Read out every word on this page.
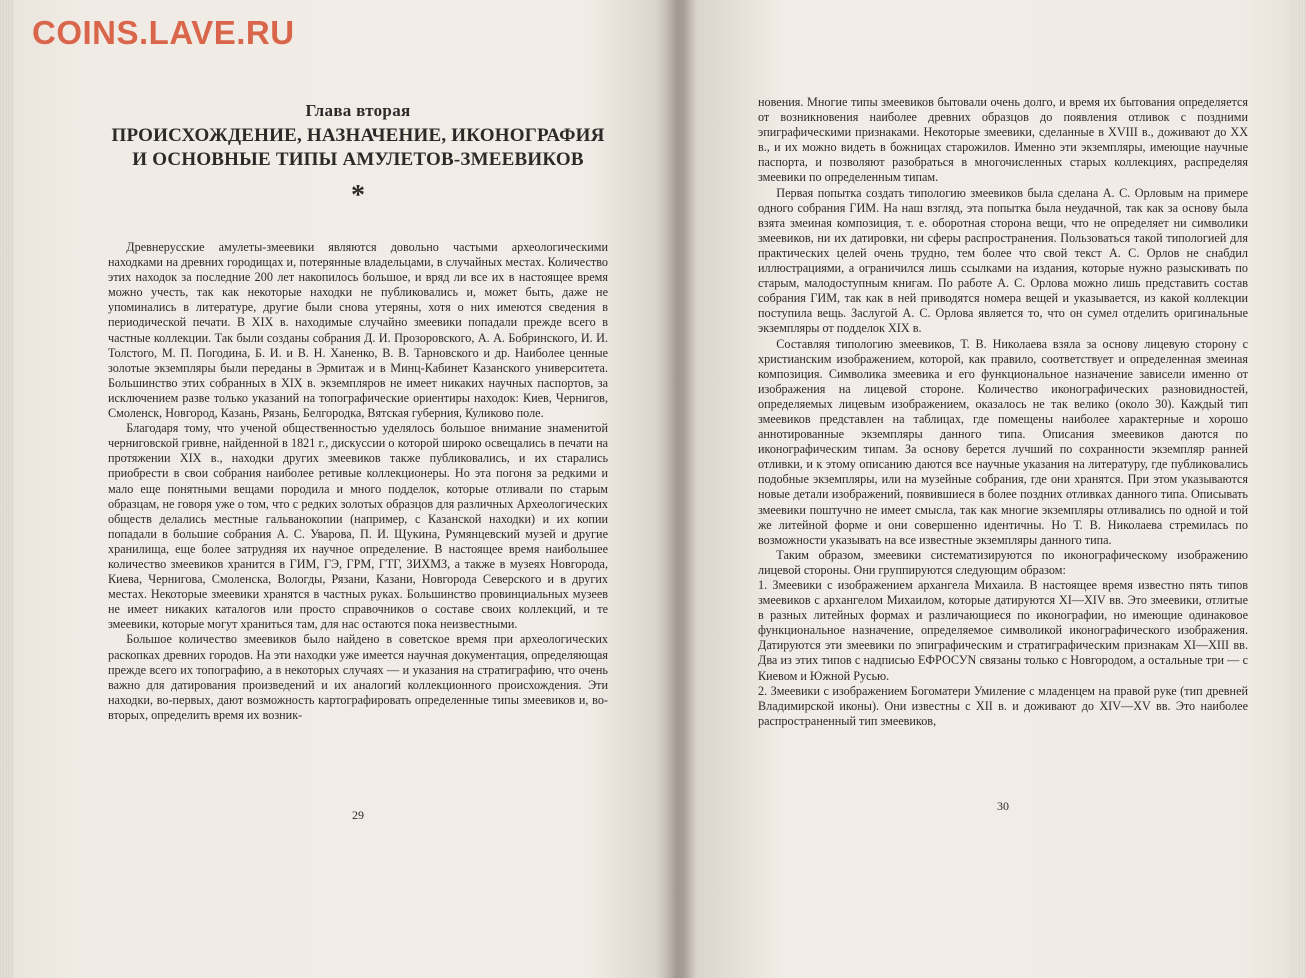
COINS.LAVE.RU
Глава вторая
ПРОИСХОЖДЕНИЕ, НАЗНАЧЕНИЕ, ИКОНОГРАФИЯ
И ОСНОВНЫЕ ТИПЫ АМУЛЕТОВ-ЗМЕЕВИКОВ
*

Древнерусские амулеты-змеевики являются довольно частыми археологическими находками на древних городищах и, потерянные владельцами, в случайных местах. Количество этих находок за последние 200 лет накопилось большое, и вряд ли все их в настоящее время можно учесть, так как некоторые находки не публиковались и, может быть, даже не упоминались в литературе, другие были снова утеряны, хотя о них имеются сведения в периодической печати. В XIX в. находимые случайно змеевики попадали прежде всего в частные коллекции. Так были созданы собрания Д. И. Прозоровского, А. А. Бобринского, И. И. Толстого, М. П. Погодина, Б. И. и В. Н. Ханенко, В. В. Тарновского и др. Наиболее ценные золотые экземпляры были переданы в Эрмитаж и в Минц-Кабинет Казанского университета. Большинство этих собранных в XIX в. экземпляров не имеет никаких научных паспортов, за исключением разве только указаний на топографические ориентиры находок: Киев, Чернигов, Смоленск, Новгород, Казань, Рязань, Белгородка, Вятская губерния, Куликово поле.

Благодаря тому, что ученой общественностью уделялось большое внимание знаменитой черниговской гривне, найденной в 1821 г., дискуссии о которой широко освещались в печати на протяжении XIX в., находки других змеевиков также публиковались, и их старались приобрести в свои собрания наиболее ретивые коллекционеры. Но эта погоня за редкими и мало еще понятными вещами породила и много подделок, которые отливали по старым образцам, не говоря уже о том, что с редких золотых образцов для различных Археологических обществ делались местные гальванокопии (например, с Казанской находки) и их копии попадали в большие собрания А. С. Уварова, П. И. Щукина, Румянцевский музей и другие хранилища, еще более затрудняя их научное определение. В настоящее время наибольшее количество змеевиков хранится в ГИМ, ГЭ, ГРМ, ГТГ, ЗИХМЗ, а также в музеях Новгорода, Киева, Чернигова, Смоленска, Вологды, Рязани, Казани, Новгорода Северского и в других местах. Некоторые змеевики хранятся в частных руках. Большинство провинциальных музеев не имеет никаких каталогов или просто справочников о составе своих коллекций, и те змеевики, которые могут храниться там, для нас остаются пока неизвестными.

Большое количество змеевиков было найдено в советское время при археологических раскопках древних городов. На эти находки уже имеется научная документация, определяющая прежде всего их топографию, а в некоторых случаях — и указания на стратиграфию, что очень важно для датирования произведений и их аналогий коллекционного происхождения. Эти находки, во-первых, дают возможность картографировать определенные типы змеевиков и, во-вторых, определить время их возник-

29

новения. Многие типы змеевиков бытовали очень долго, и время их бытования определяется от возникновения наиболее древних образцов до появления отливок с поздними эпиграфическими признаками. Некоторые змеевики, сделанные в XVIII в., доживают до XX в., и их можно видеть в божницах старожилов. Именно эти экземпляры, имеющие научные паспорта, и позволяют разобраться в многочисленных старых коллекциях, распределяя змеевики по определенным типам.

Первая попытка создать типологию змеевиков была сделана А. С. Орловым на примере одного собрания ГИМ. На наш взгляд, эта попытка была неудачной, так как за основу была взята змеиная композиция, т. е. оборотная сторона вещи, что не определяет ни символики змеевиков, ни их датировки, ни сферы распространения. Пользоваться такой типологией для практических целей очень трудно, тем более что свой текст А. С. Орлов не снабдил иллюстрациями, а ограничился лишь ссылками на издания, которые нужно разыскивать по старым, малодоступным книгам. По работе А. С. Орлова можно лишь представить состав собрания ГИМ, так как в ней приводятся номера вещей и указывается, из какой коллекции поступила вещь. Заслугой А. С. Орлова является то, что он сумел отделить оригинальные экземпляры от подделок XIX в.

Составляя типологию змеевиков, Т. В. Николаева взяла за основу лицевую сторону с христианским изображением, которой, как правило, соответствует и определенная змеиная композиция. Символика змеевика и его функциональное назначение зависели именно от изображения на лицевой стороне. Количество иконографических разновидностей, определяемых лицевым изображением, оказалось не так велико (около 30). Каждый тип змеевиков представлен на таблицах, где помещены наиболее характерные и хорошо аннотированные экземпляры данного типа. Описания змеевиков даются по иконографическим типам. За основу берется лучший по сохранности экземпляр ранней отливки, и к этому описанию даются все научные указания на литературу, где публиковались подобные экземпляры, или на музейные собрания, где они хранятся. При этом указываются новые детали изображений, появившиеся в более поздних отливках данного типа. Описывать змеевики поштучно не имеет смысла, так как многие экземпляры отливались по одной и той же литейной форме и они совершенно идентичны. Но Т. В. Николаева стремилась по возможности указывать на все известные экземпляры данного типа.

Таким образом, змеевики систематизируются по иконографическому изображению лицевой стороны. Они группируются следующим образом:

1. Змеевики с изображением архангела Михаила. В настоящее время известно пять типов змеевиков с архангелом Михаилом, которые датируются XI—XIV вв. Это змеевики, отлитые в разных литейных формах и различающиеся по иконографии, но имеющие одинаковое функциональное назначение, определяемое символикой иконографического изображения. Датируются эти змеевики по эпиграфическим и стратиграфическим признакам XI—XIII вв. Два из этих типов с надписью ЕФРОСУN связаны только с Новгородом, а остальные три — с Киевом и Южной Русью.

2. Змеевики с изображением Богоматери Умиление с младенцем на правой руке (тип древней Владимирской иконы). Они известны с XII в. и доживают до XIV—XV вв. Это наиболее распространенный тип змеевиков,

30
